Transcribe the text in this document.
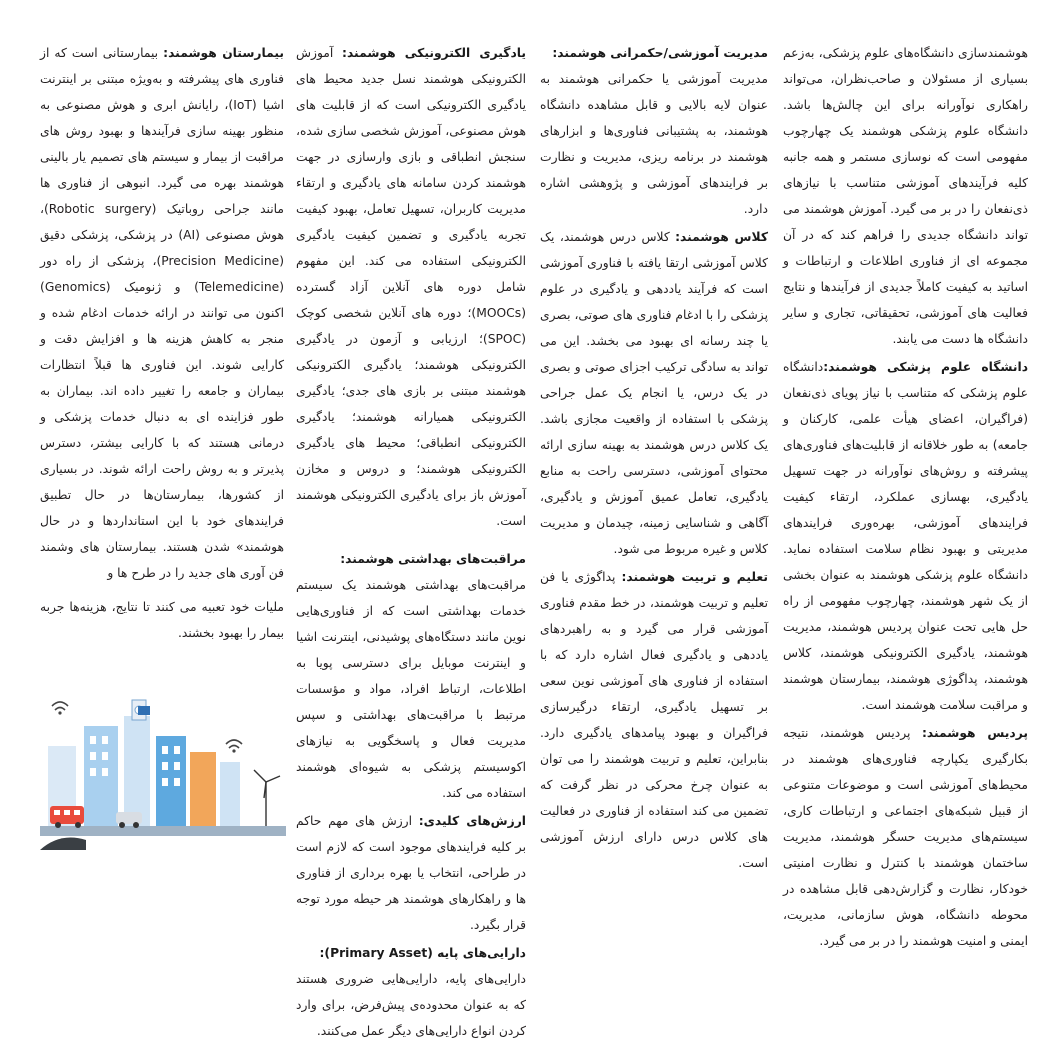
هوشمندسازی دانشگاه‌های علوم پزشکی، به‌زعم بسیاری از مسئولان و صاحب‌نظران، می‌تواند راهکاری نوآورانه برای این چالش‌ها باشد. دانشگاه علوم پزشکی هوشمند یک چهارچوب مفهومی است که نوسازی مستمر و همه جانبه کلیه فرآیندهای آموزشی متناسب با نیازهای ذی‌نفعان را در بر می گیرد. آموزش هوشمند می تواند دانشگاه جدیدی را فراهم کند که در آن مجموعه ای از فناوری اطلاعات و ارتباطات و اساتید به کیفیت کاملاً جدیدی از فرآیندها و نتایج فعالیت های آموزشی، تحقیقاتی، تجاری و سایر دانشگاه ها دست می یابند.

دانشگاه علوم پزشکی هوشمند:دانشگاه علوم پزشکی که متناسب با نیاز پویای ذی‌نفعان (فراگیران، اعضای هیأت علمی، کارکنان و جامعه) به طور خلاقانه از قابلیت‌های فناوری‌های پیشرفته و روش‌های نوآورانه در جهت تسهیل یادگیری، بهسازی عملکرد، ارتقاء کیفیت فرایندهای آموزشی، بهره‌وری فرایندهای مدیریتی و بهبود نظام سلامت استفاده نماید. دانشگاه علوم پزشکی هوشمند به عنوان بخشی از یک شهر هوشمند، چهارچوب مفهومی از راه حل هایی تحت عنوان پردیس هوشمند، مدیریت هوشمند، یادگیری الکترونیکی هوشمند، کلاس هوشمند، پداگوژی هوشمند، بیمارستان هوشمند و مراقبت سلامت هوشمند است.

پردیس هوشمند: پردیس هوشمند، نتیجه بکارگیری یکپارچه فناوری‌های هوشمند در محیط‌های آموزشی است و موضوعات متنوعی از قبیل شبکه‌های اجتماعی و ارتباطات کاری، سیستم‌های مدیریت حسگر هوشمند، مدیریت ساختمان هوشمند با کنترل و نظارت امنیتی خودکار، نظارت و گزارش‌دهی قابل مشاهده در محوطه دانشگاه، هوش سازمانی، مدیریت، ایمنی و امنیت هوشمند را در بر می گیرد.

مدیریت آموزشی/حکمرانی هوشمند:
مدیریت آموزشی یا حکمرانی هوشمند به عنوان لایه بالایی و قابل مشاهده دانشگاه هوشمند، به پشتیبانی فناوری‌ها و ابزارهای هوشمند در برنامه ریزی، مدیریت و نظارت بر فرایندهای آموزشی و پژوهشی اشاره دارد.

کلاس هوشمند: کلاس درس هوشمند، یک کلاس آموزشی ارتقا یافته با فناوری آموزشی است که فرآیند یاددهی و یادگیری در علوم پزشکی را با ادغام فناوری های صوتی، بصری یا چند رسانه ای بهبود می بخشد. این می تواند به سادگی ترکیب اجزای صوتی و بصری در یک درس، یا انجام یک عمل جراحی پزشکی با استفاده از واقعیت مجازی باشد. یک کلاس درس هوشمند به بهینه سازی ارائه محتوای آموزشی، دسترسی راحت به منابع یادگیری، تعامل عمیق آموزش و یادگیری، آگاهی و شناسایی زمینه، چیدمان و مدیریت کلاس و غیره مربوط می شود.

تعلیم و تربیت هوشمند: پداگوژی یا فن تعلیم و تربیت هوشمند، در خط مقدم فناوری آموزشی قرار می گیرد و به راهبردهای یاددهی و یادگیری فعال اشاره دارد که با استفاده از فناوری های آموزشی نوین سعی بر تسهیل یادگیری، ارتقاء درگیرسازی فراگیران و بهبود پیامدهای یادگیری دارد. بنابراین، تعلیم و تربیت هوشمند را می توان به عنوان چرخ محرکی در نظر گرفت که تضمین می کند استفاده از فناوری در فعالیت های کلاس درس دارای ارزش آموزشی است.

یادگیری الکترونیکی هوشمند: آموزش الکترونیکی هوشمند نسل جدید محیط های یادگیری الکترونیکی است که از قابلیت های هوش مصنوعی، آموزش شخصی سازی شده، سنجش انطباقی و بازی وارسازی در جهت هوشمند کردن سامانه های یادگیری و ارتقاء مدیریت کاربران، تسهیل تعامل، بهبود کیفیت تجربه یادگیری و تضمین کیفیت یادگیری الکترونیکی استفاده می کند. این مفهوم شامل دوره های آنلاین آزاد گسترده (MOOCs)؛ دوره های آنلاین شخصی کوچک (SPOC)؛ ارزیابی و آزمون در یادگیری الکترونیکی هوشمند؛ یادگیری الکترونیکی هوشمند مبتنی بر بازی های جدی؛ یادگیری الکترونیکی همیارانه هوشمند؛ یادگیری الکترونیکی انطباقی؛ محیط های یادگیری الکترونیکی هوشمند؛ و دروس و مخازن آموزش باز برای یادگیری الکترونیکی هوشمند است.

مراقبت‌های بهداشتی هوشمند:
مراقبت‌های بهداشتی هوشمند یک سیستم خدمات بهداشتی است که از فناوری‌هایی نوین مانند دستگاه‌های پوشیدنی، اینترنت اشیا و اینترنت موبایل برای دسترسی پویا به اطلاعات، ارتباط افراد، مواد و مؤسسات مرتبط با مراقبت‌های بهداشتی و سپس مدیریت فعال و پاسخگویی به نیازهای اکوسیستم پزشکی به شیوه‌ای هوشمند استفاده می کند.

ارزش‌های کلیدی: ارزش های مهم حاکم بر کلیه فرایندهای موجود است که لازم است در طراحی، انتخاب یا بهره برداری از فناوری ها و راهکارهای هوشمند هر حیطه مورد توجه قرار بگیرد.

دارایی‌های پایه (Primary Asset):
دارایی‌های پایه، دارایی‌هایی ضروری هستند که به عنوان محدوده‌ی پیش‌فرض، برای وارد کردن انواع دارایی‌های دیگر عمل می‌کنند.

بیمارستان هوشمند: بیمارستانی است که از فناوری های پیشرفته و به‌ویژه مبتنی بر اینترنت اشیا (IoT)، رایانش ابری و هوش مصنوعی به منظور بهینه سازی فرآیندها و بهبود روش های مراقبت از بیمار و سیستم های تصمیم یار بالینی هوشمند بهره می گیرد. انبوهی از فناوری ها مانند جراحی روباتیک (Robotic surgery)، هوش مصنوعی (AI) در پزشکی، پزشکی دقیق (Precision Medicine)، پزشکی از راه دور (Telemedicine) و ژنومیک (Genomics) اکنون می توانند در ارائه خدمات ادغام شده و منجر به کاهش هزینه ها و افزایش دقت و کارایی شوند. این فناوری ها قبلاً انتظارات بیماران و جامعه را تغییر داده اند. بیماران به طور فزاینده ای به دنبال خدمات پزشکی و درمانی هستند که با کارایی بیشتر، دسترس پذیرتر و به روش راحت ارائه شوند. در بسیاری از کشورها، بیمارستان‌ها در حال تطبیق فرایندهای خود با این استانداردها و در حال هوشمند» شدن هستند. بیمارستان های وشمند فن آوری های جدید را در طرح ها و

ملیات خود تعبیه می کنند تا نتایج، هزینه‌ها جربه بیمار را بهبود بخشند.
